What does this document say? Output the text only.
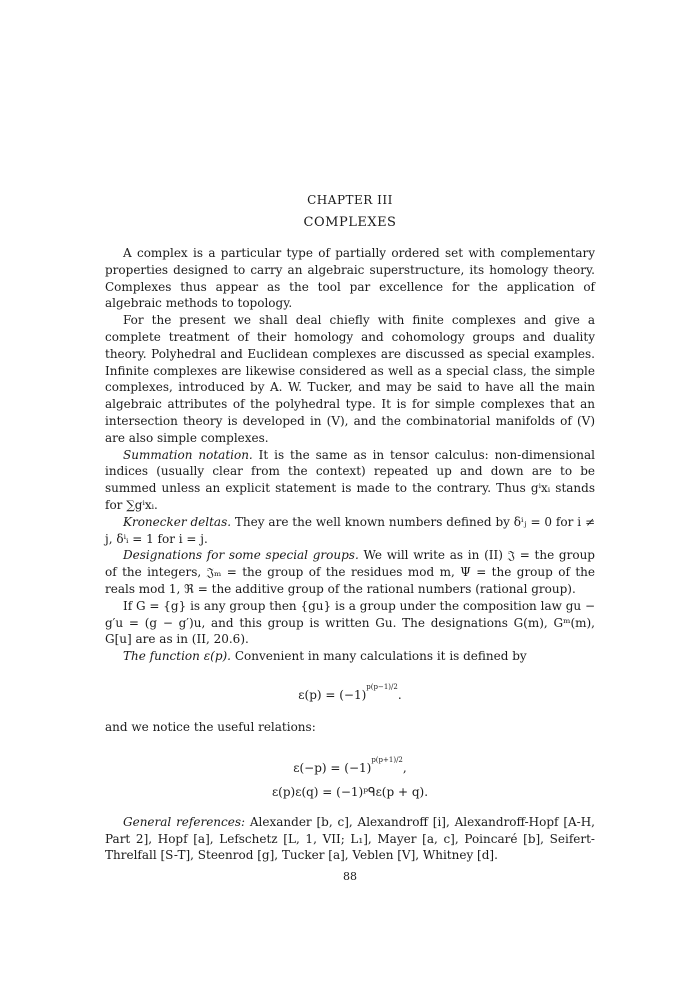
CHAPTER III

COMPLEXES

A complex is a particular type of partially ordered set with complementary properties designed to carry an algebraic superstructure, its homology theory. Complexes thus appear as the tool par excellence for the application of algebraic methods to topology.

For the present we shall deal chiefly with finite complexes and give a complete treatment of their homology and cohomology groups and duality theory. Polyhedral and Euclidean complexes are discussed as special examples. Infinite complexes are likewise considered as well as a special class, the simple complexes, introduced by A. W. Tucker, and may be said to have all the main algebraic attributes of the polyhedral type. It is for simple complexes that an intersection theory is developed in (V), and the combinatorial manifolds of (V) are also simple complexes.

Summation notation. It is the same as in tensor calculus: non-dimensional indices (usually clear from the context) repeated up and down are to be summed unless an explicit statement is made to the contrary. Thus gⁱxᵢ stands for ∑gⁱxᵢ.

Kronecker deltas. They are the well known numbers defined by δⁱⱼ = 0 for i ≠ j, δⁱᵢ = 1 for i = j.

Designations for some special groups. We will write as in (II) 𝔍 = the group of the integers, 𝔍ₘ = the group of the residues mod m, Ψ = the group of the reals mod 1, ℜ = the additive group of the rational numbers (rational group).

If G = {g} is any group then {gu} is a group under the composition law gu − g′u = (g − g′)u, and this group is written Gu. The designations G(m), Gᵐ(m), G[u] are as in (II, 20.6).

The function ε(p). Convenient in many calculations it is defined by

$\varepsilon(p) = (-1)^{p(p-1)/2}$.

and we notice the useful relations:

$\varepsilon(-p) = (-1)^{p(p+1)/2}$,
ε(p)ε(q) = (−1)ᵖᑫε(p + q).

General references: Alexander [b, c], Alexandroff [i], Alexandroff-Hopf [A-H, Part 2], Hopf [a], Lefschetz [L, 1, VII; L₁], Mayer [a, c], Poincaré [b], Seifert-Threlfall [S-T], Steenrod [g], Tucker [a], Veblen [V], Whitney [d].

88
